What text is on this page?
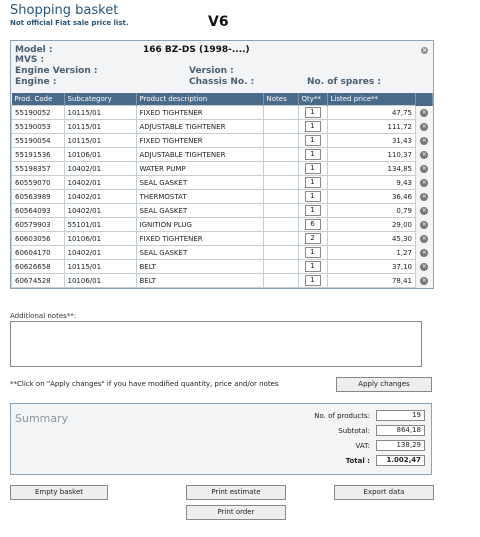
Shopping basket
Not official Fiat sale price list.	V6
×
Model :	166 BZ-DS (1998-....)
MVS :
Engine Version :	Version :
Engine :	Chassis No. :	No. of spares :
Prod. Code	Subcategory	Product description	Notes	Qty**	Listed price**	
55190052	10115/01	FIXED TIGHTENER		1	47,75	×
55190053	10115/01	ADJUSTABLE TIGHTENER		1	111,72	×
55190054	10115/01	FIXED TIGHTENER		1	31,43	×
55191536	10106/01	ADJUSTABLE TIGHTENER		1	110,37	×
55198357	10402/01	WATER PUMP		1	134,85	×
60559070	10402/01	SEAL GASKET		1	9,43	×
60563989	10402/01	THERMOSTAT		1	36,46	×
60564093	10402/01	SEAL GASKET		1	0,79	×
60579903	55101/01	IGNITION PLUG		6	29,00	×
60603056	10106/01	FIXED TIGHTENER		2	45,30	×
60604170	10402/01	SEAL GASKET		1	1,27	×
60626658	10115/01	BELT		1	37,10	×
60674528	10106/01	BELT		1	78,41	×
Additional notes**:
**Click on "Apply changes" if you have modified quantity, price and/or notes	Apply changes
Summary	No. of products:	19
Subtotal:	864,18
VAT:	138,29
Total :	1.002,47
Empty basket	Print estimate	Export data
Print order
